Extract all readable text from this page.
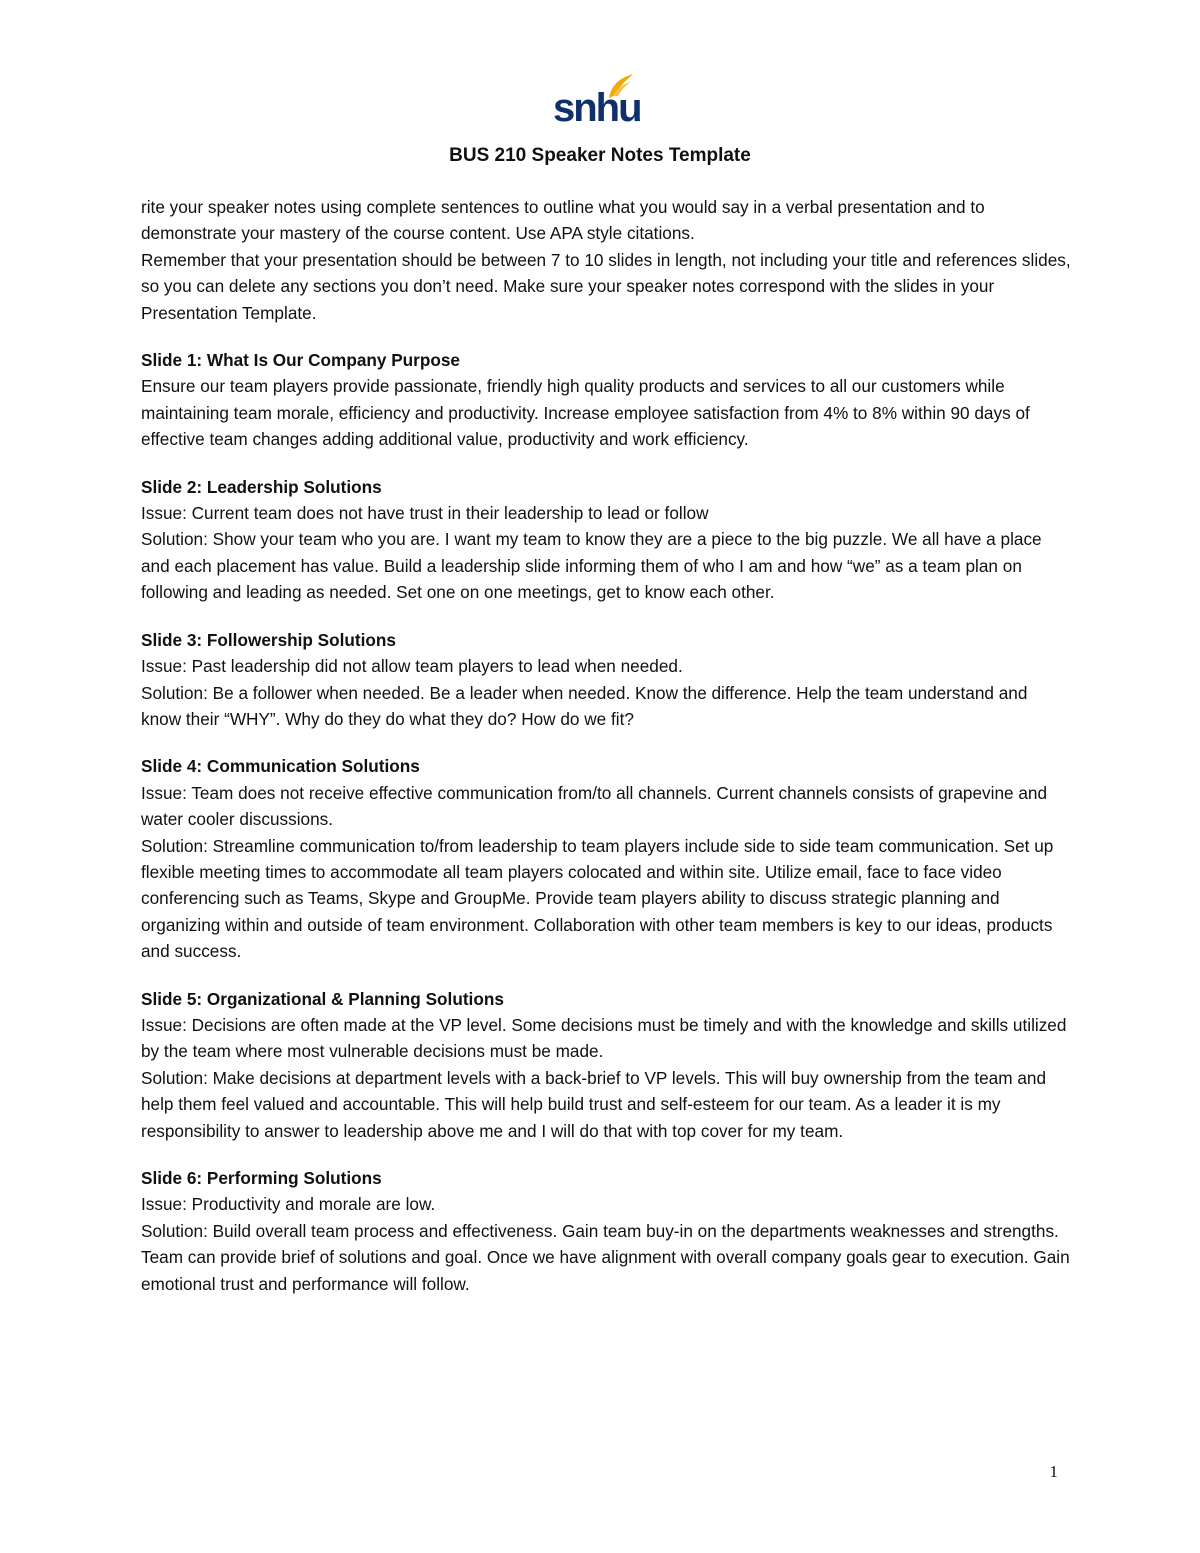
snhu
BUS 210 Speaker Notes Template

rite your speaker notes using complete sentences to outline what you would say in a verbal presentation and to demonstrate your mastery of the course content. Use APA style citations.

Remember that your presentation should be between 7 to 10 slides in length, not including your title and references slides, so you can delete any sections you don’t need. Make sure your speaker notes correspond with the slides in your Presentation Template.

Slide 1: What Is Our Company Purpose

Ensure our team players provide passionate, friendly high quality products and services to all our customers while maintaining team morale, efficiency and productivity. Increase employee satisfaction from 4% to 8% within 90 days of effective team changes adding additional value, productivity and work efficiency.

Slide 2: Leadership Solutions

Issue: Current team does not have trust in their leadership to lead or follow

Solution: Show your team who you are. I want my team to know they are a piece to the big puzzle. We all have a place and each placement has value. Build a leadership slide informing them of who I am and how “we” as a team plan on following and leading as needed. Set one on one meetings, get to know each other.

Slide 3: Followership Solutions

Issue: Past leadership did not allow team players to lead when needed.

Solution: Be a follower when needed. Be a leader when needed. Know the difference. Help the team understand and know their “WHY”. Why do they do what they do? How do we fit?

Slide 4: Communication Solutions

Issue: Team does not receive effective communication from/to all channels. Current channels consists of grapevine and water cooler discussions.

Solution: Streamline communication to/from leadership to team players include side to side team communication. Set up flexible meeting times to accommodate all team players colocated and within site. Utilize email, face to face video conferencing such as Teams, Skype and GroupMe. Provide team players ability to discuss strategic planning and organizing within and outside of team environment. Collaboration with other team members is key to our ideas, products and success.

Slide 5: Organizational & Planning Solutions

Issue: Decisions are often made at the VP level. Some decisions must be timely and with the knowledge and skills utilized by the team where most vulnerable decisions must be made.

Solution: Make decisions at department levels with a back-brief to VP levels. This will buy ownership from the team and help them feel valued and accountable. This will help build trust and self-esteem for our team. As a leader it is my responsibility to answer to leadership above me and I will do that with top cover for my team.

Slide 6: Performing Solutions

Issue: Productivity and morale are low.

Solution: Build overall team process and effectiveness. Gain team buy-in on the departments weaknesses and strengths. Team can provide brief of solutions and goal. Once we have alignment with overall company goals gear to execution. Gain emotional trust and performance will follow.

1
